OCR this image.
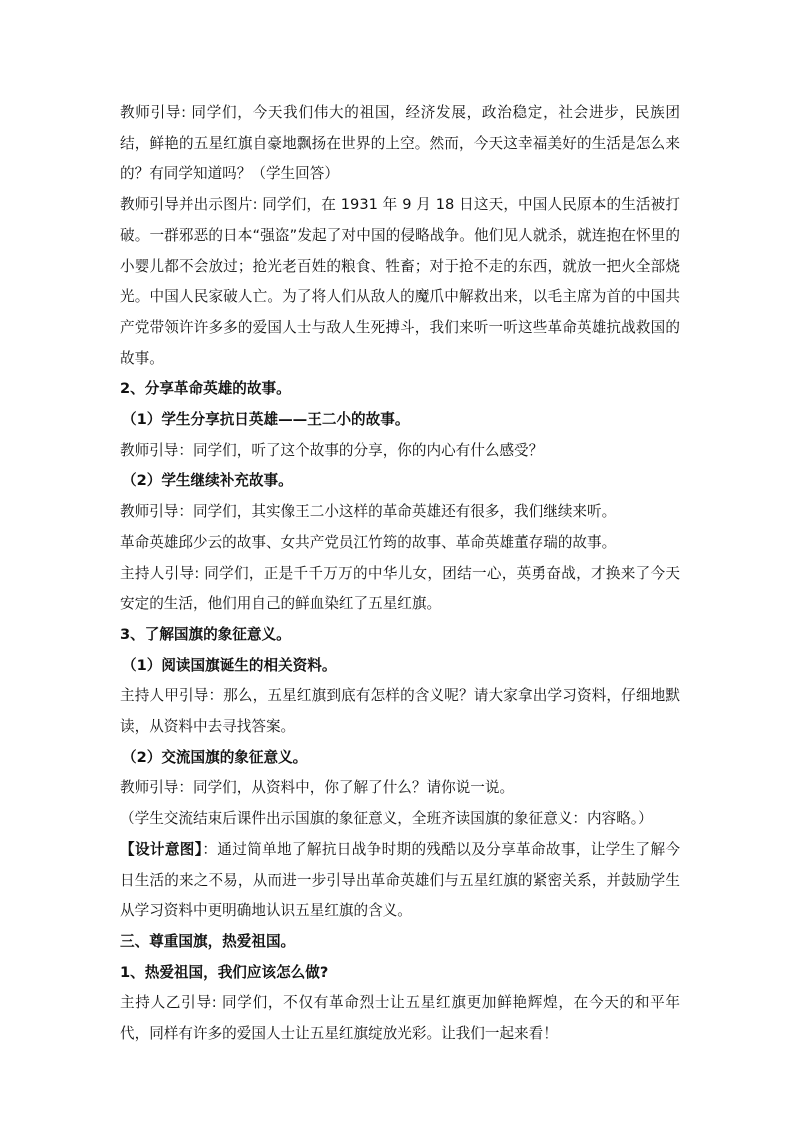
教师引导: 同学们，今天我们伟大的祖国，经济发展，政治稳定，社会进步，民族团结，鲜艳的五星红旗自豪地飘扬在世界的上空。然而，今天这幸福美好的生活是怎么来的？有同学知道吗？（学生回答）

教师引导并出示图片: 同学们，在 1931 年 9 月 18 日这天，中国人民原本的生活被打破。一群邪恶的日本“强盗”发起了对中国的侵略战争。他们见人就杀，就连抱在怀里的小婴儿都不会放过；抢光老百姓的粮食、牲畜；对于抢不走的东西，就放一把火全部烧光。中国人民家破人亡。为了将人们从敌人的魔爪中解救出来，以毛主席为首的中国共产党带领许许多多的爱国人士与敌人生死搏斗，我们来听一听这些革命英雄抗战救国的故事。

2、分享革命英雄的故事。

（1）学生分享抗日英雄——王二小的故事。

教师引导：同学们，听了这个故事的分享，你的内心有什么感受？

（2）学生继续补充故事。

教师引导：同学们，其实像王二小这样的革命英雄还有很多，我们继续来听。

革命英雄邱少云的故事、女共产党员江竹筠的故事、革命英雄董存瑞的故事。

主持人引导: 同学们，正是千千万万的中华儿女，团结一心，英勇奋战，才换来了今天安定的生活，他们用自己的鲜血染红了五星红旗。

3、了解国旗的象征意义。

（1）阅读国旗诞生的相关资料。

主持人甲引导：那么，五星红旗到底有怎样的含义呢？请大家拿出学习资料，仔细地默读，从资料中去寻找答案。

（2）交流国旗的象征意义。

教师引导：同学们，从资料中，你了解了什么？请你说一说。

（学生交流结束后课件出示国旗的象征意义，全班齐读国旗的象征意义：内容略。）

【设计意图】：通过简单地了解抗日战争时期的残酷以及分享革命故事，让学生了解今日生活的来之不易，从而进一步引导出革命英雄们与五星红旗的紧密关系，并鼓励学生从学习资料中更明确地认识五星红旗的含义。

三、尊重国旗，热爱祖国。

1、热爱祖国，我们应该怎么做?

主持人乙引导: 同学们，不仅有革命烈士让五星红旗更加鲜艳辉煌，在今天的和平年代，同样有许多的爱国人士让五星红旗绽放光彩。让我们一起来看！
